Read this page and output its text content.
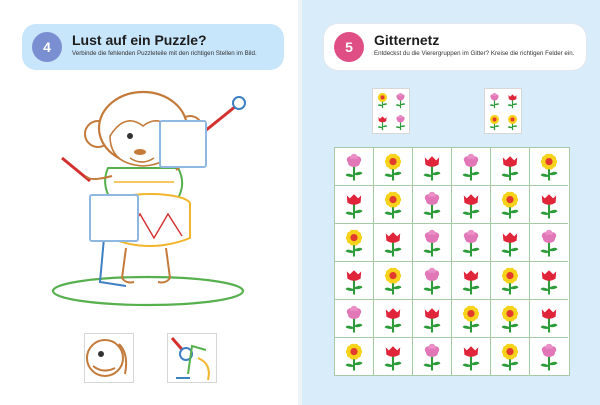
4	Lust auf ein Puzzle?
Verbinde die fehlenden Puzzleteile mit den richtigen Stellen im Bild.	5	Gitternetz
Entdeckst du die Vierergruppen im Gitter? Kreise die richtigen Felder ein.
